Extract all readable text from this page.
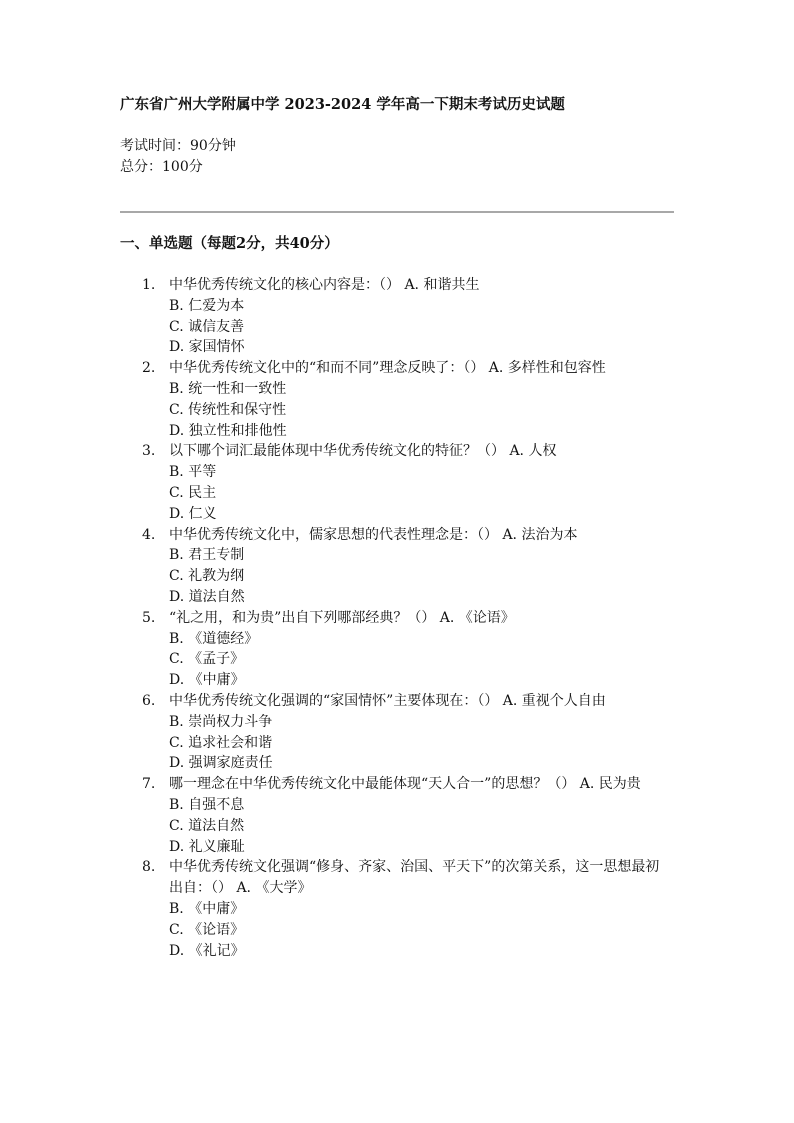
广东省广州大学附属中学 2023-2024 学年高一下期末考试历史试题
考试时间：90分钟
总分：100分
一、单选题（每题2分，共40分）
1. 中华优秀传统文化的核心内容是：（） A. 和谐共生
B. 仁爱为本
C. 诚信友善
D. 家国情怀
2. 中华优秀传统文化中的“和而不同”理念反映了：（） A. 多样性和包容性
B. 统一性和一致性
C. 传统性和保守性
D. 独立性和排他性
3. 以下哪个词汇最能体现中华优秀传统文化的特征？（） A. 人权
B. 平等
C. 民主
D. 仁义
4. 中华优秀传统文化中，儒家思想的代表性理念是：（） A. 法治为本
B. 君王专制
C. 礼教为纲
D. 道法自然
5. “礼之用，和为贵”出自下列哪部经典？（） A. 《论语》
B. 《道德经》
C. 《孟子》
D. 《中庸》
6. 中华优秀传统文化强调的“家国情怀”主要体现在：（） A. 重视个人自由
B. 崇尚权力斗争
C. 追求社会和谐
D. 强调家庭责任
7. 哪一理念在中华优秀传统文化中最能体现“天人合一”的思想？（） A. 民为贵
B. 自强不息
C. 道法自然
D. 礼义廉耻
8. 中华优秀传统文化强调“修身、齐家、治国、平天下”的次第关系，这一思想最初出自：（） A. 《大学》
B. 《中庸》
C. 《论语》
D. 《礼记》
